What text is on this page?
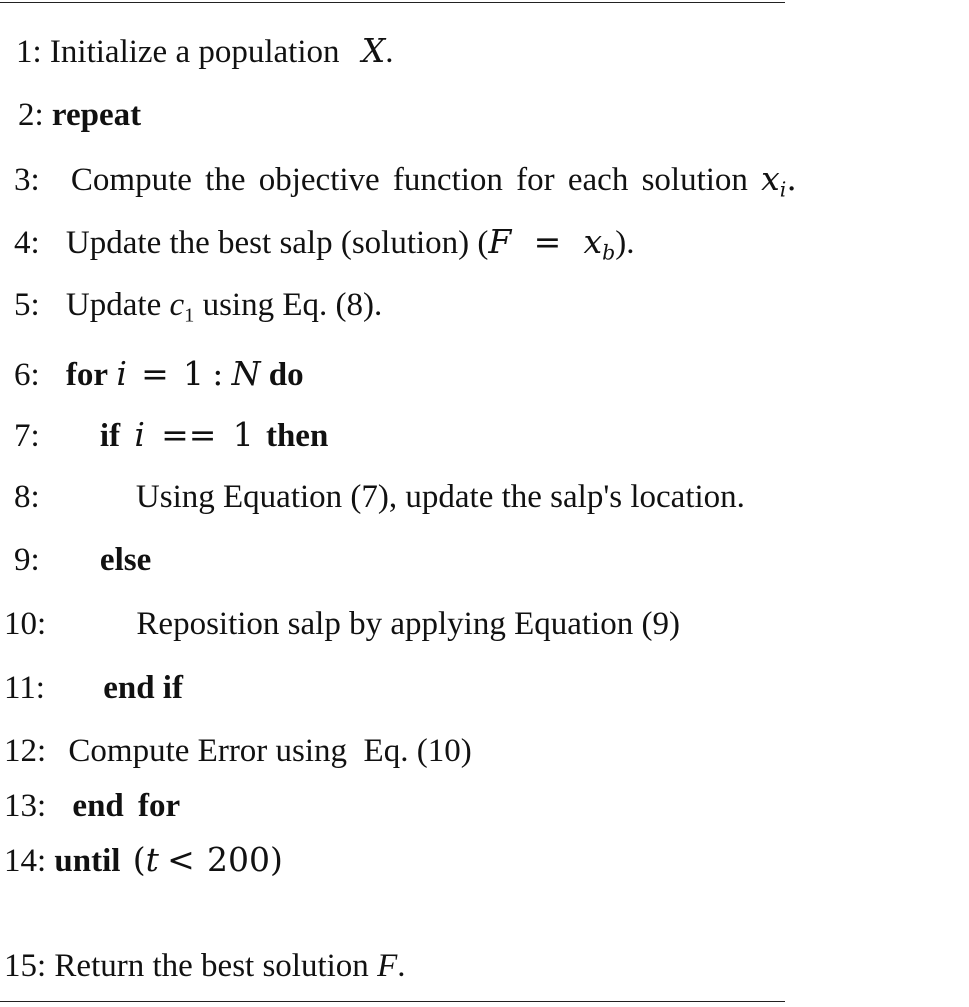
1: Initialize a population X.
2: repeat
3: Compute the objective function for each solution $x_i$.
4: Update the best salp (solution) $(F = x_b)$.
5: Update $c_1$ using Eq. (8).
6: for i = 1 : N do
7: if i == 1 then
8:	Using Equation (7), update the salp's location.
9: else
10:	Reposition salp by applying Equation (9)
11: end if
12: Compute Error using  Eq. (10)
13: end for
14: until (t < 200)
15: Return the best solution F.
